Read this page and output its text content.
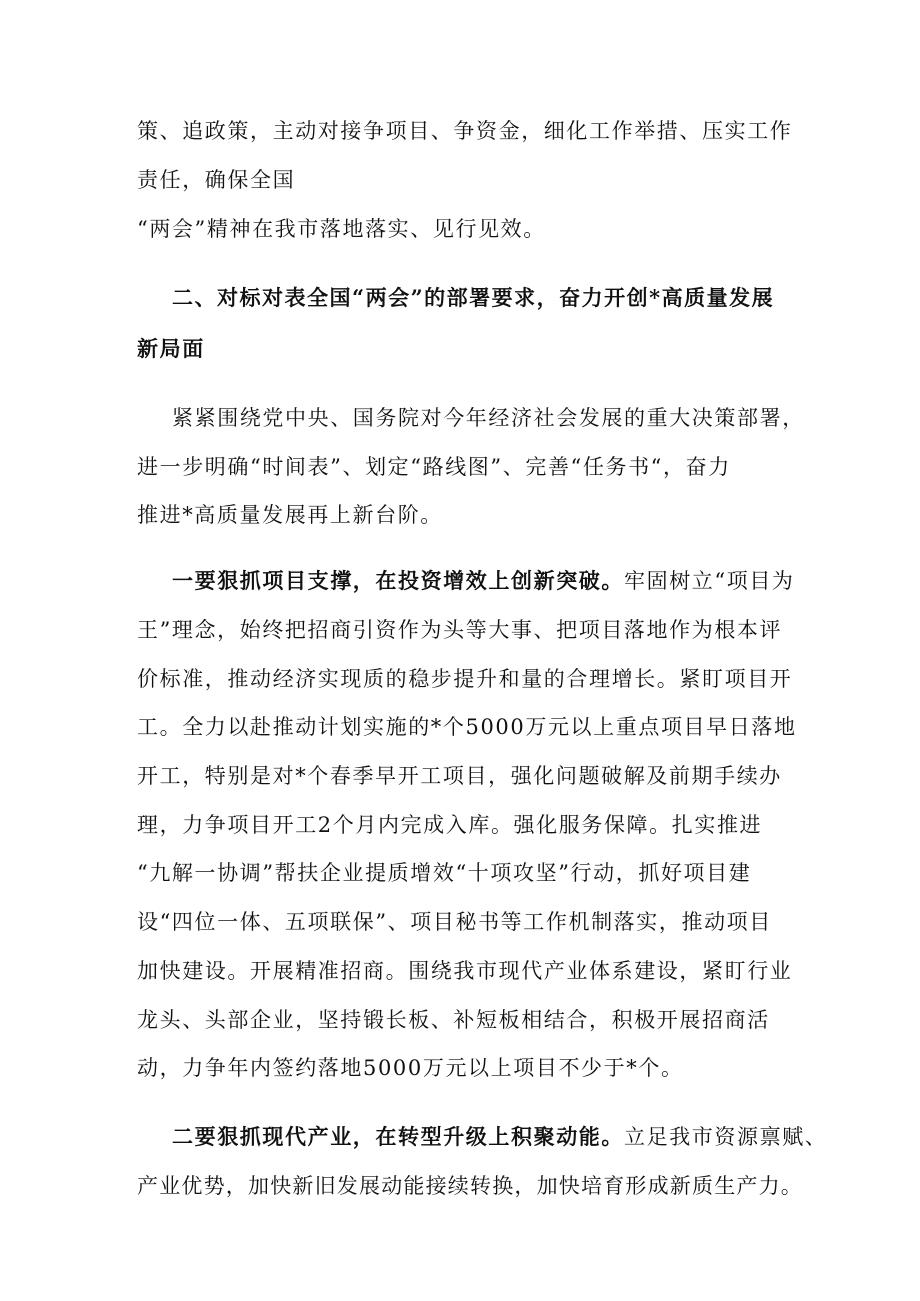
策、追政策，主动对接争项目、争资金，细化工作举措、压实工作
责任，确保全国
“两会”精神在我市落地落实、见行见效。
二、对标对表全国“两会”的部署要求，奋力开创*高质量发展
新局面
紧紧围绕党中央、国务院对今年经济社会发展的重大决策部署，
进一步明确“时间表”、划定“路线图”、完善“任务书“，奋力
推进*高质量发展再上新台阶。
一要狠抓项目支撑，在投资增效上创新突破。牢固树立“项目为
王”理念，始终把招商引资作为头等大事、把项目落地作为根本评
价标准，推动经济实现质的稳步提升和量的合理增长。紧盯项目开
工。全力以赴推动计划实施的*个5000万元以上重点项目早日落地
开工，特别是对*个春季早开工项目，强化问题破解及前期手续办
理，力争项目开工2个月内完成入库。强化服务保障。扎实推进
“九解一协调”帮扶企业提质增效“十项攻坚”行动，抓好项目建
设“四位一体、五项联保”、项目秘书等工作机制落实，推动项目
加快建设。开展精准招商。围绕我市现代产业体系建设，紧盯行业
龙头、头部企业，坚持锻长板、补短板相结合，积极开展招商活
动，力争年内签约落地5000万元以上项目不少于*个。
二要狠抓现代产业，在转型升级上积聚动能。立足我市资源禀赋、
产业优势，加快新旧发展动能接续转换，加快培育形成新质生产力。
